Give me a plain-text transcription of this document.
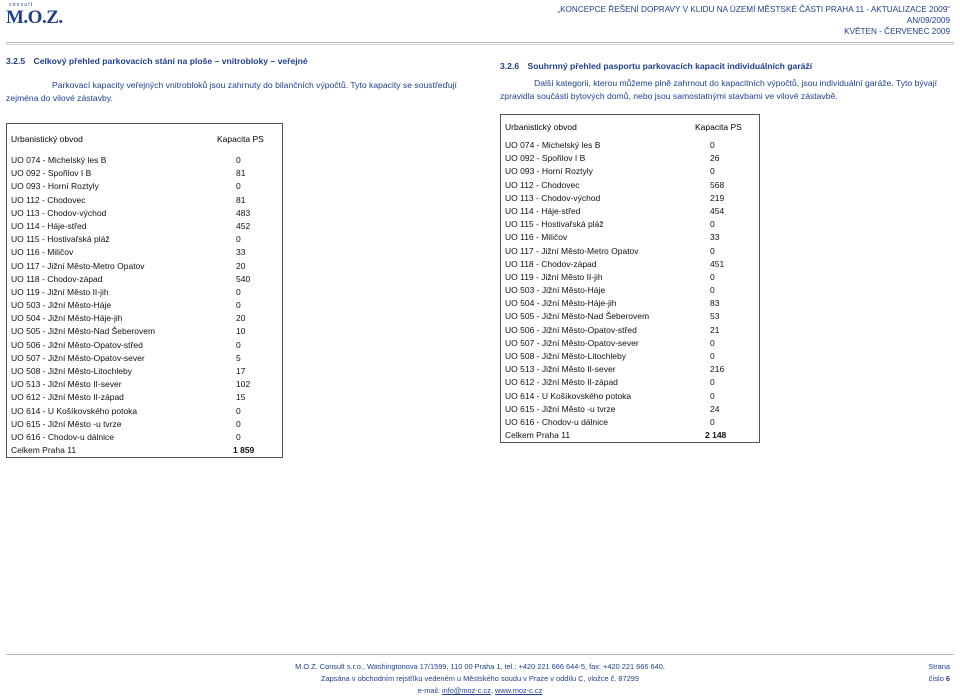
consult
M.O.Z.	„KONCEPCE ŘEŠENÍ DOPRAVY V KLIDU NA ÚZEMÍ MĚSTSKÉ ČÁSTI PRAHA 11 - AKTUALIZACE 2009“
AN/09/2009
KVĚTEN - ČERVENEC 2009
3.2.5 Celkový přehled parkovacích stání na ploše – vnitrobloky – veřejné
Parkovací kapacity veřejných vnitrobloků jsou zahrnuty do bilančních výpočtů. Tyto kapacity se soustřeďují
zejména do vilové zástavby.
Urbanistický obvod	Kapacita PS
UO 074 - Michelský les B	0
UO 092 - Spořilov I B	81
UO 093 - Horní Roztyly	0
UO 112 - Chodovec	81
UO 113 - Chodov-východ	483
UO 114 - Háje-střed	452
UO 115 - Hostivařská pláž	0
UO 116 - Miličov	33
UO 117 - Jižní Město-Metro Opatov	20
UO 118 - Chodov-západ	540
UO 119 - Jižní Město II-jih	0
UO 503 - Jižní Město-Háje	0
UO 504 - Jižní Město-Háje-jih	20
UO 505 - Jižní Město-Nad Šeberovem	10
UO 506 - Jižní Město-Opatov-střed	0
UO 507 - Jižní Město-Opatov-sever	5
UO 508 - Jižní Město-Litochleby	17
UO 513 - Jižní Město II-sever	102
UO 612 - Jižní Město II-západ	15
UO 614 - U Košíkovského potoka	0
UO 615 - Jižní Město -u tvrze	0
UO 616 - Chodov-u dálnice	0
Celkem Praha 11	1 859
3.2.6 Souhrnný přehled pasportu parkovacích kapacit individuálních garáží
Další kategorii, kterou můžeme plně zahrnout do kapacitních výpočtů, jsou individuální garáže. Tyto bývají
zpravidla součásti bytových domů, nebo jsou samostatnými stavbami ve vilové zástavbě.
Urbanistický obvod	Kapacita PS
UO 074 - Michelský les B	0
UO 092 - Spořilov I B	26
UO 093 - Horní Roztyly	0
UO 112 - Chodovec	568
UO 113 - Chodov-východ	219
UO 114 - Háje-střed	454
UO 115 - Hostivařská pláž	0
UO 116 - Miličov	33
UO 117 - Jižní Město-Metro Opatov	0
UO 118 - Chodov-západ	451
UO 119 - Jižní Město II-jih	0
UO 503 - Jižní Město-Háje	0
UO 504 - Jižní Město-Háje-jih	83
UO 505 - Jižní Město-Nad Šeberovem	53
UO 506 - Jižní Město-Opatov-střed	21
UO 507 - Jižní Město-Opatov-sever	0
UO 508 - Jižní Město-Litochleby	0
UO 513 - Jižní Město II-sever	216
UO 612 - Jižní Město II-západ	0
UO 614 - U Košíkovského potoka	0
UO 615 - Jižní Město -u tvrze	24
UO 616 - Chodov-u dálnice	0
Celkem Praha 11	2 148
M.O.Z. Consult s.r.o., Washingtonova 17/1599, 110 00 Praha 1, tel.: +420 221 666 644-5, fax: +420 221 666 640,
Zapsána v obchodním rejstříku vedeném u Městského soudu v Praze v oddílu C, vložce č. 87299
e-mail: info@moz-c.cz, www.moz-c.cz
Strana
číslo 6
